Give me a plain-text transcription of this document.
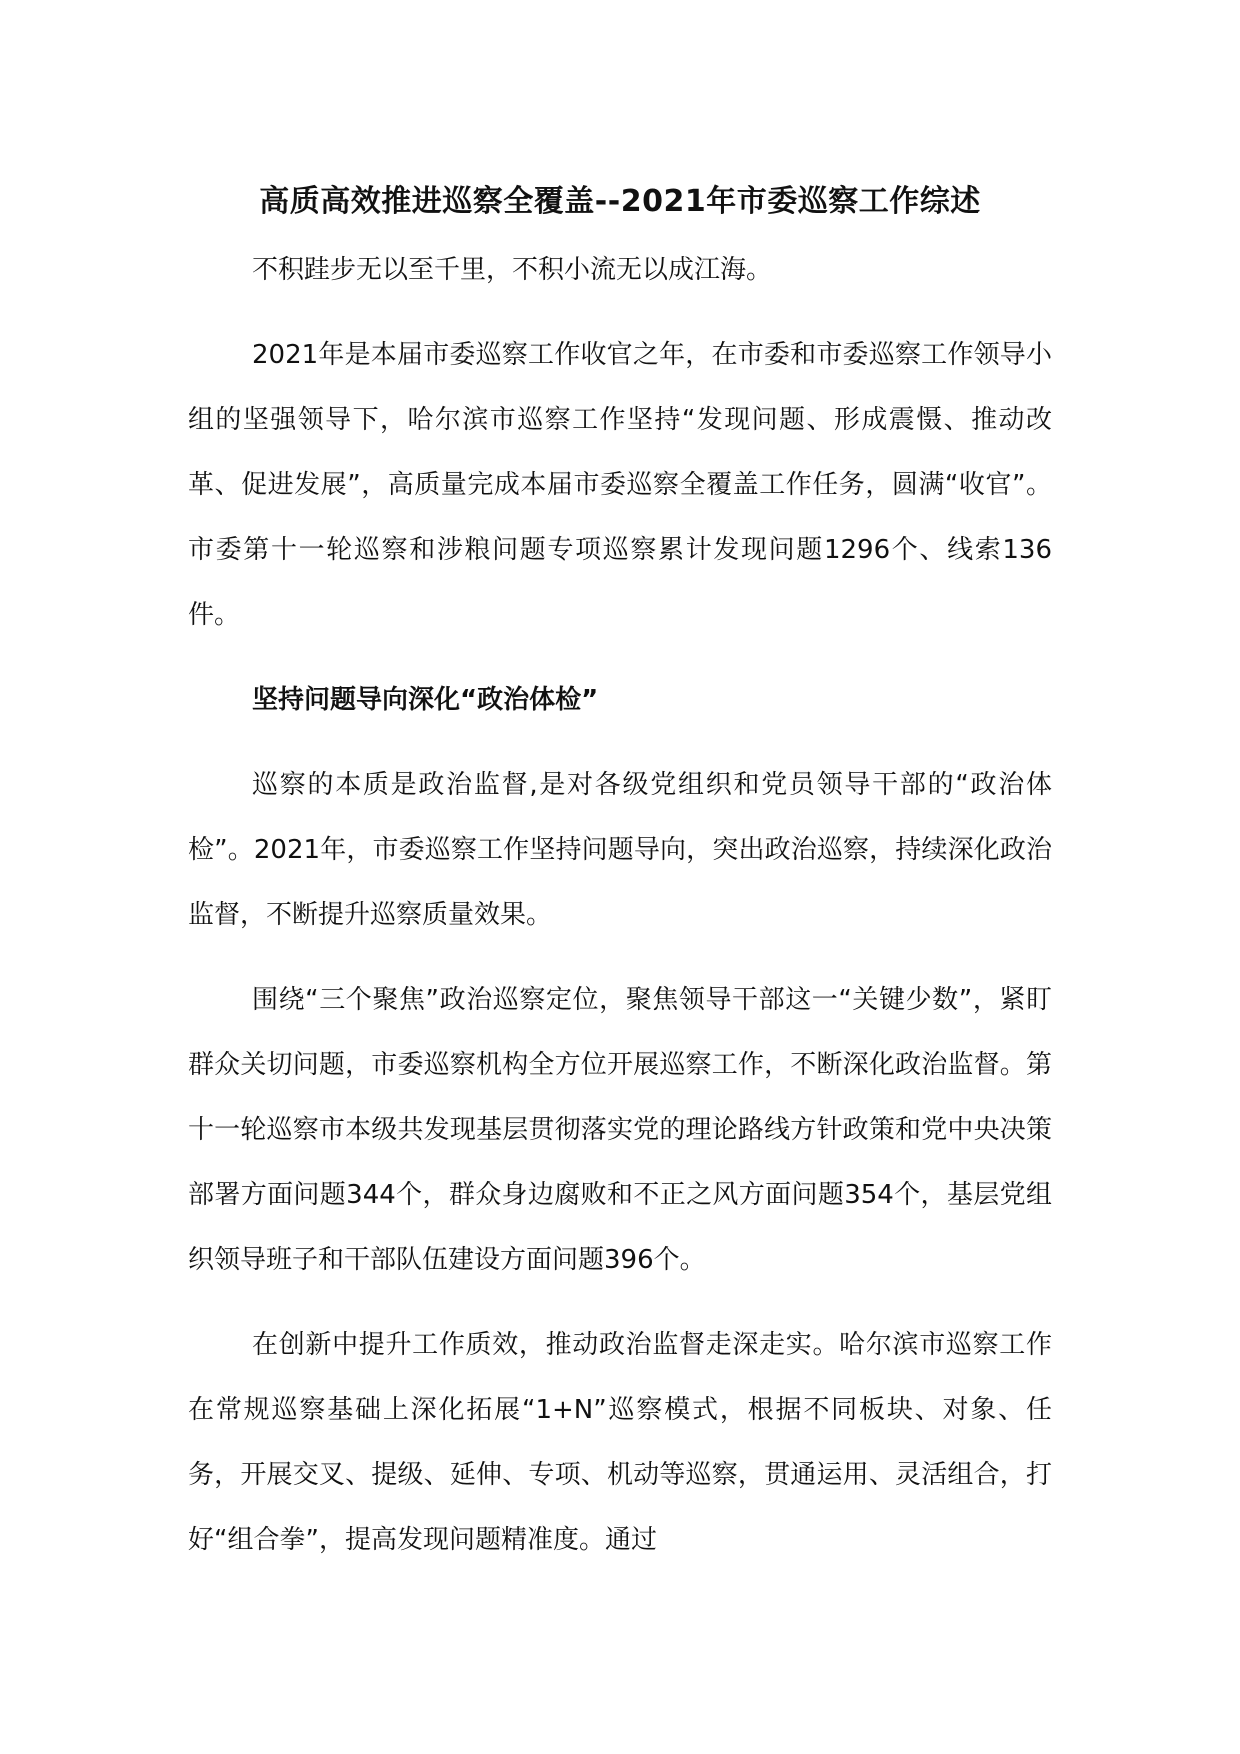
高质高效推进巡察全覆盖--2021年市委巡察工作综述

不积跬步无以至千里，不积小流无以成江海。

2021年是本届市委巡察工作收官之年，在市委和市委巡察工作领导小组的坚强领导下，哈尔滨市巡察工作坚持“发现问题、形成震慑、推动改革、促进发展”，高质量完成本届市委巡察全覆盖工作任务，圆满“收官”。市委第十一轮巡察和涉粮问题专项巡察累计发现问题1296个、线索136件。

坚持问题导向深化“政治体检”

巡察的本质是政治监督,是对各级党组织和党员领导干部的“政治体检”。2021年，市委巡察工作坚持问题导向，突出政治巡察，持续深化政治监督，不断提升巡察质量效果。

围绕“三个聚焦”政治巡察定位，聚焦领导干部这一“关键少数”，紧盯群众关切问题，市委巡察机构全方位开展巡察工作，不断深化政治监督。第十一轮巡察市本级共发现基层贯彻落实党的理论路线方针政策和党中央决策部署方面问题344个，群众身边腐败和不正之风方面问题354个，基层党组织领导班子和干部队伍建设方面问题396个。

在创新中提升工作质效，推动政治监督走深走实。哈尔滨市巡察工作在常规巡察基础上深化拓展“1+N”巡察模式，根据不同板块、对象、任务，开展交叉、提级、延伸、专项、机动等巡察，贯通运用、灵活组合，打好“组合拳”，提高发现问题精准度。通过
